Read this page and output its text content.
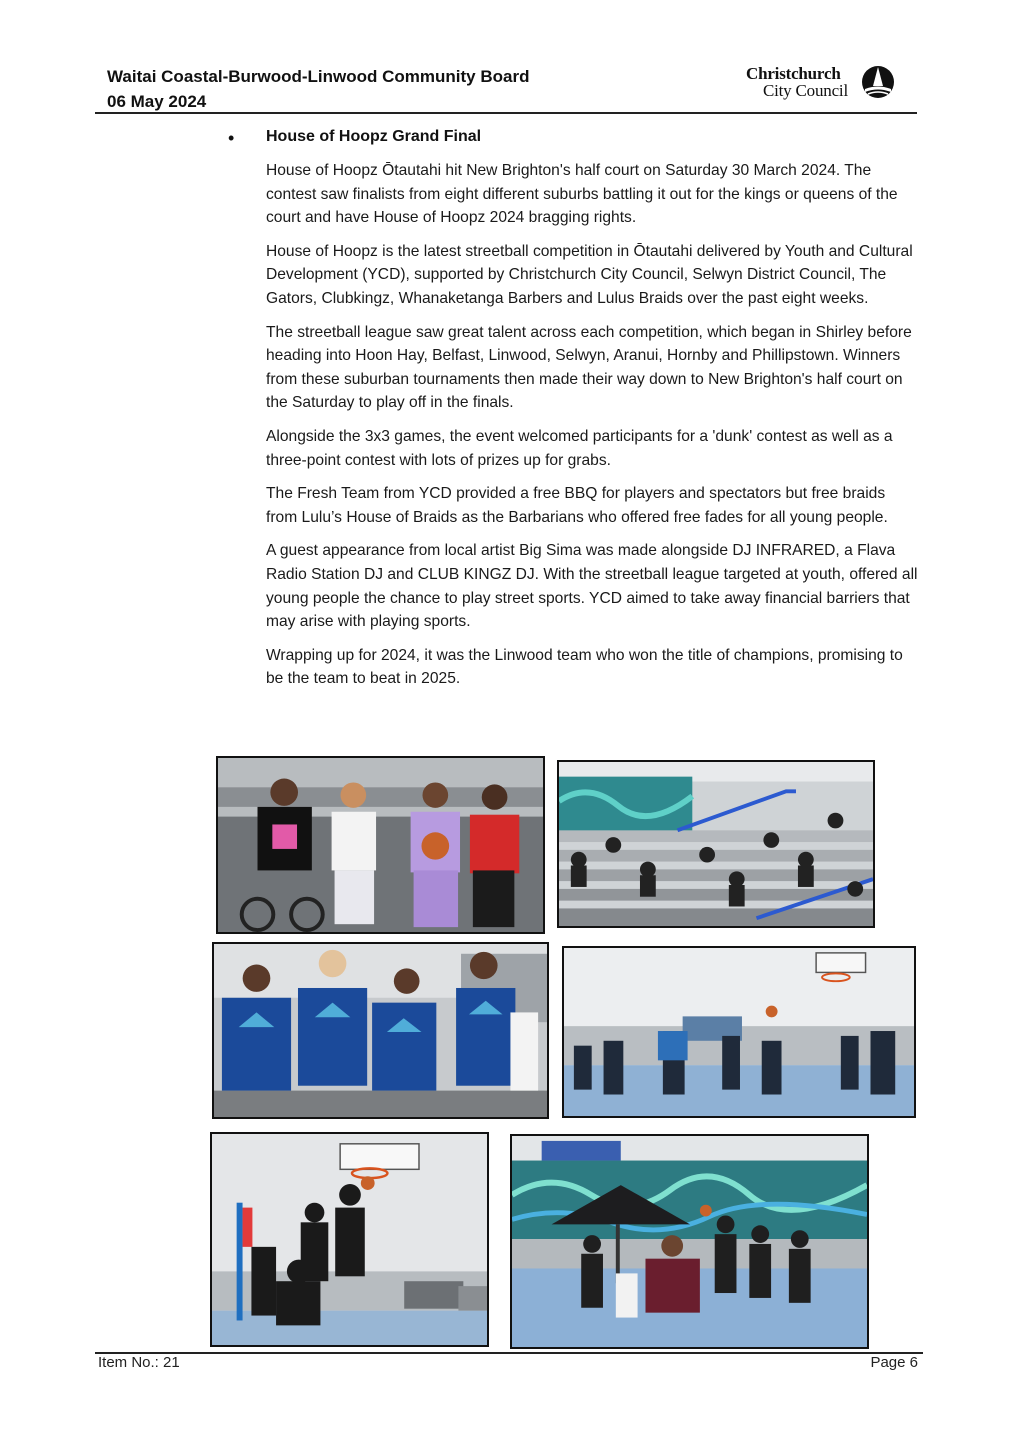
Waitai Coastal-Burwood-Linwood Community Board
06 May 2024
Christchurch
City Council
• House of Hoopz Grand Final

House of Hoopz Ōtautahi hit New Brighton's half court on Saturday 30 March 2024. The contest saw finalists from eight different suburbs battling it out for the kings or queens of the court and have House of Hoopz 2024 bragging rights.

House of Hoopz is the latest streetball competition in Ōtautahi delivered by Youth and Cultural Development (YCD), supported by Christchurch City Council, Selwyn District Council, The Gators, Clubkingz, Whanaketanga Barbers and Lulus Braids over the past eight weeks.

The streetball league saw great talent across each competition, which began in Shirley before heading into Hoon Hay, Belfast, Linwood, Selwyn, Aranui, Hornby and Phillipstown. Winners from these suburban tournaments then made their way down to New Brighton's half court on the Saturday to play off in the finals.

Alongside the 3x3 games, the event welcomed participants for a 'dunk' contest as well as a three-point contest with lots of prizes up for grabs.

The Fresh Team from YCD provided a free BBQ for players and spectators but free braids from Lulu’s House of Braids as the Barbarians who offered free fades for all young people.

A guest appearance from local artist Big Sima was made alongside DJ INFRARED, a Flava Radio Station DJ and CLUB KINGZ DJ. With the streetball league targeted at youth, offered all young people the chance to play street sports. YCD aimed to take away financial barriers that may arise with playing sports.

Wrapping up for 2024, it was the Linwood team who won the title of champions, promising to be the team to beat in 2025.

Item No.: 21	Page 6
